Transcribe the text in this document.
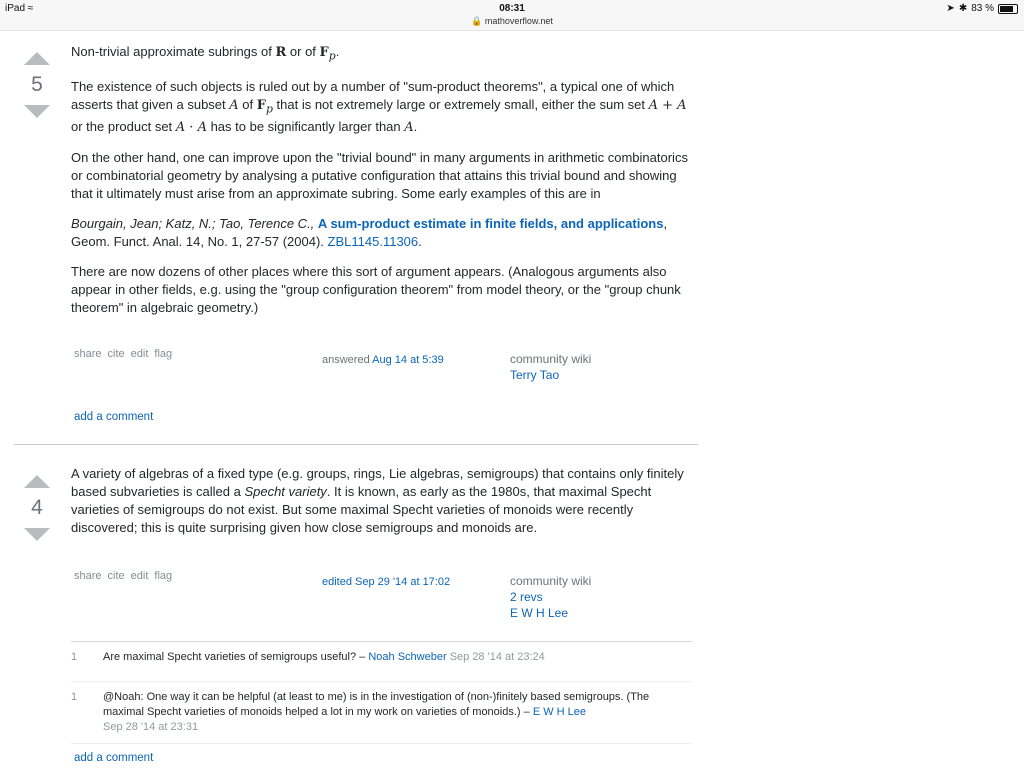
iPad ≈	08:31
🔒 mathoverflow.net
➤ ✱ 83 %
5

Non-trivial approximate subrings of R or of $F_p$.

The existence of such objects is ruled out by a number of "sum-product theorems", a typical one of which asserts that given a subset A of $F_p$ that is not extremely large or extremely small, either the sum set A + A or the product set A · A has to be significantly larger than A.

On the other hand, one can improve upon the "trivial bound" in many arguments in arithmetic combinatorics or combinatorial geometry by analysing a putative configuration that attains this trivial bound and showing that it ultimately must arise from an approximate subring. Some early examples of this are in

Bourgain, Jean; Katz, N.; Tao, Terence C., A sum-product estimate in finite fields, and applications, Geom. Funct. Anal. 14, No. 1, 27-57 (2004). ZBL1145.11306.

There are now dozens of other places where this sort of argument appears. (Analogous arguments also appear in other fields, e.g. using the "group configuration theorem" from model theory, or the "group chunk theorem" in algebraic geometry.)

share cite edit flag	answered Aug 14 at 5:39	community wiki
Terry Tao
add a comment
4

A variety of algebras of a fixed type (e.g. groups, rings, Lie algebras, semigroups) that contains only finitely based subvarieties is called a Specht variety. It is known, as early as the 1980s, that maximal Specht varieties of semigroups do not exist. But some maximal Specht varieties of monoids were recently discovered; this is quite surprising given how close semigroups and monoids are.

share cite edit flag	edited Sep 29 '14 at 17:02	community wiki
2 revs
E W H Lee
1	Are maximal Specht varieties of semigroups useful? – Noah Schweber Sep 28 '14 at 23:24
1	@Noah: One way it can be helpful (at least to me) is in the investigation of (non-)finitely based semigroups. (The maximal Specht varieties of monoids helped a lot in my work on varieties of monoids.) – E W H Lee
Sep 28 '14 at 23:31
add a comment
